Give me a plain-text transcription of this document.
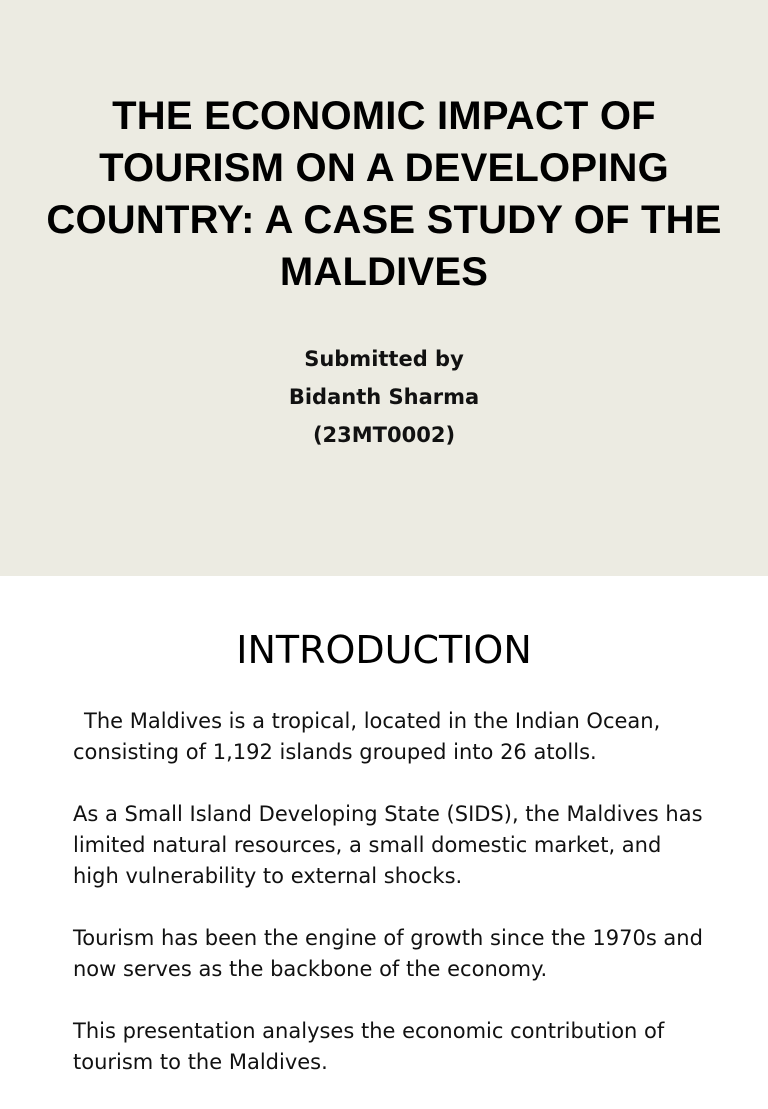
THE ECONOMIC IMPACT OF TOURISM ON A DEVELOPING COUNTRY: A CASE STUDY OF THE MALDIVES
Submitted by
Bidanth Sharma
(23MT0002)
INTRODUCTION

The Maldives is a tropical, located in the Indian Ocean, consisting of 1,192 islands grouped into 26 atolls.

As a Small Island Developing State (SIDS), the Maldives has limited natural resources, a small domestic market, and high vulnerability to external shocks.

Tourism has been the engine of growth since the 1970s and now serves as the backbone of the economy.

This presentation analyses the economic contribution of tourism to the Maldives.
